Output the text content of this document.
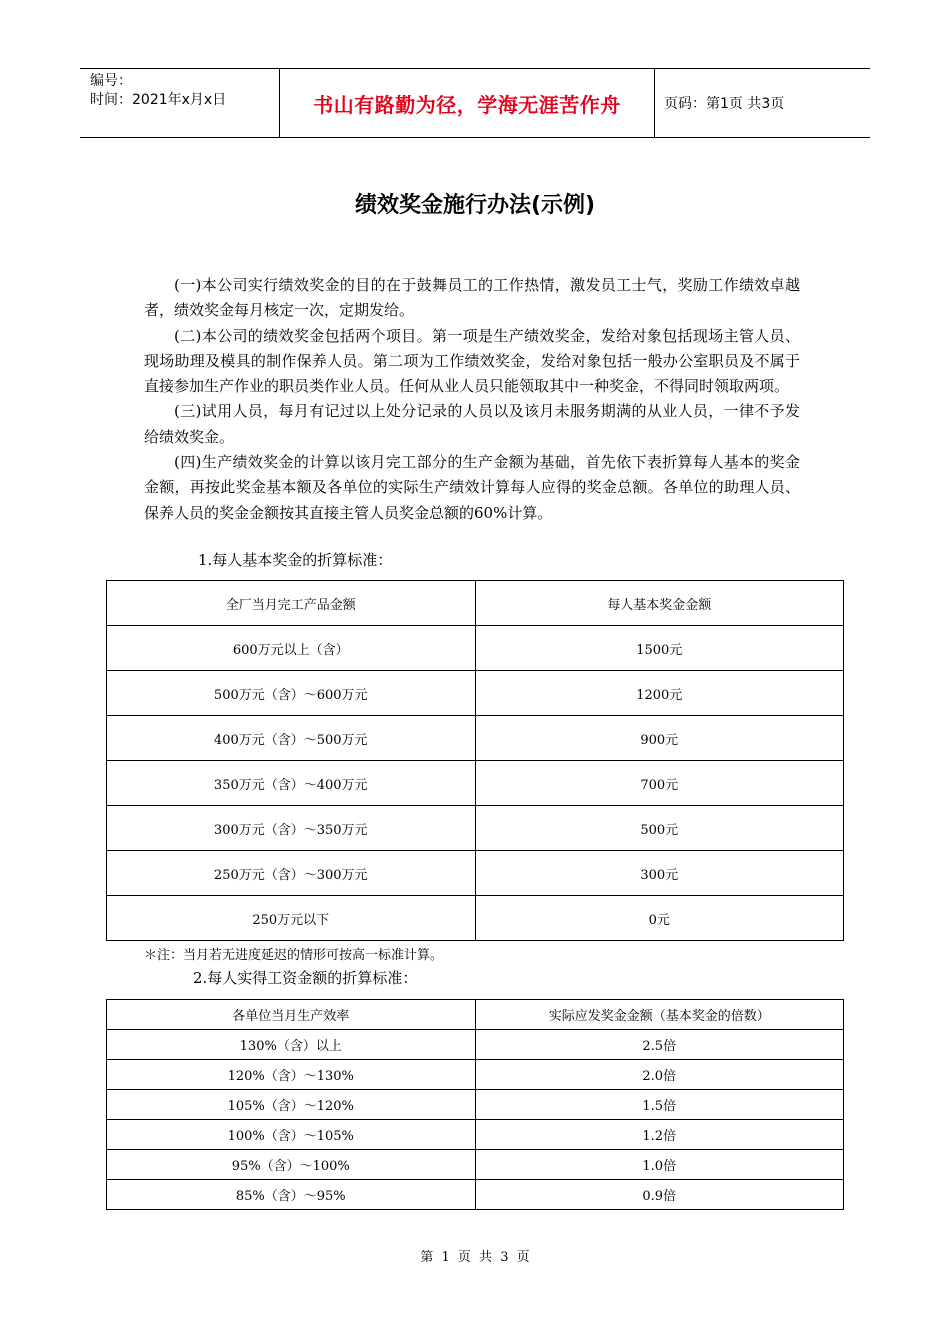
编号：
时间：2021年x月x日	书山有路勤为径，学海无涯苦作舟	页码：第1页 共3页
绩效奖金施行办法(示例)

(一)本公司实行绩效奖金的目的在于鼓舞员工的工作热情，激发员工士气，奖励工作绩效卓越者，绩效奖金每月核定一次，定期发给。

(二)本公司的绩效奖金包括两个项目。第一项是生产绩效奖金，发给对象包括现场主管人员、现场助理及模具的制作保养人员。第二项为工作绩效奖金，发给对象包括一般办公室职员及不属于直接参加生产作业的职员类作业人员。任何从业人员只能领取其中一种奖金，不得同时领取两项。

(三)试用人员，每月有记过以上处分记录的人员以及该月未服务期满的从业人员，一律不予发给绩效奖金。

(四)生产绩效奖金的计算以该月完工部分的生产金额为基础，首先依下表折算每人基本的奖金金额，再按此奖金基本额及各单位的实际生产绩效计算每人应得的奖金总额。各单位的助理人员、保养人员的奖金金额按其直接主管人员奖金总额的60%计算。

1.每人基本奖金的折算标准：
全厂当月完工产品金额	每人基本奖金金额
600万元以上（含）	1500元
500万元（含）～600万元	1200元
400万元（含）～500万元	900元
350万元（含）～400万元	700元
300万元（含）～350万元	500元
250万元（含）～300万元	300元
250万元以下	0元
＊注：当月若无进度延迟的情形可按高一标准计算。
2.每人实得工资金额的折算标准：
各单位当月生产效率	实际应发奖金金额（基本奖金的倍数）
130%（含）以上	2.5倍
120%（含）～130%	2.0倍
105%（含）～120%	1.5倍
100%（含）～105%	1.2倍
95%（含）～100%	1.0倍
85%（含）～95%	0.9倍
第 1 页 共 3 页
